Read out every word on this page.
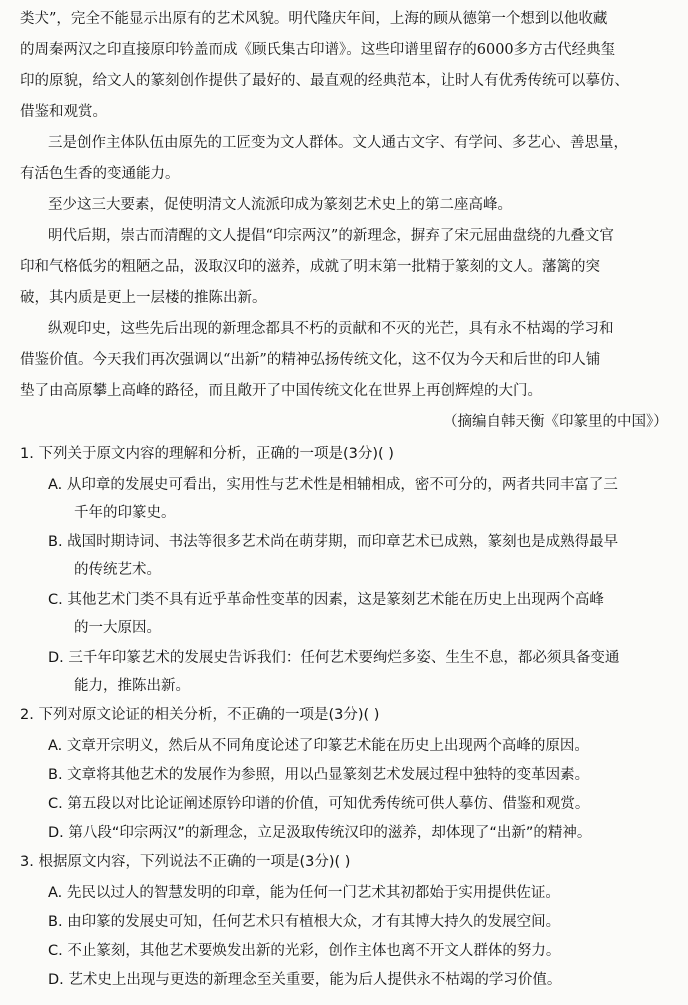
类犬”，完全不能显示出原有的艺术风貌。明代隆庆年间，上海的顾从德第一个想到以他收藏
的周秦两汉之印直接原印钤盖而成《顾氏集古印谱》。这些印谱里留存的6000多方古代经典玺
印的原貌，给文人的篆刻创作提供了最好的、最直观的经典范本，让时人有优秀传统可以摹仿、
借鉴和观赏。
三是创作主体队伍由原先的工匠变为文人群体。文人通古文字、有学问、多艺心、善思量，
有活色生香的变通能力。
至少这三大要素，促使明清文人流派印成为篆刻艺术史上的第二座高峰。
明代后期，崇古而清醒的文人提倡“印宗两汉”的新理念，摒弃了宋元屈曲盘绕的九叠文官
印和气格低劣的粗陋之品，汲取汉印的滋养，成就了明末第一批精于篆刻的文人。藩篱的突
破，其内质是更上一层楼的推陈出新。
纵观印史，这些先后出现的新理念都具不朽的贡献和不灭的光芒，具有永不枯竭的学习和
借鉴价值。今天我们再次强调以“出新”的精神弘扬传统文化，这不仅为今天和后世的印人铺
垫了由高原攀上高峰的路径，而且敞开了中国传统文化在世界上再创辉煌的大门。
（摘编自韩天衡《印篆里的中国》）
1. 下列关于原文内容的理解和分析，正确的一项是(3分)( )
A. 从印章的发展史可看出，实用性与艺术性是相辅相成，密不可分的，两者共同丰富了三
千年的印篆史。
B. 战国时期诗词、书法等很多艺术尚在萌芽期，而印章艺术已成熟，篆刻也是成熟得最早
的传统艺术。
C. 其他艺术门类不具有近乎革命性变革的因素，这是篆刻艺术能在历史上出现两个高峰
的一大原因。
D. 三千年印篆艺术的发展史告诉我们：任何艺术要绚烂多姿、生生不息，都必须具备变通
能力，推陈出新。
2. 下列对原文论证的相关分析，不正确的一项是(3分)( )
A. 文章开宗明义，然后从不同角度论述了印篆艺术能在历史上出现两个高峰的原因。
B. 文章将其他艺术的发展作为参照，用以凸显篆刻艺术发展过程中独特的变革因素。
C. 第五段以对比论证阐述原钤印谱的价值，可知优秀传统可供人摹仿、借鉴和观赏。
D. 第八段“印宗两汉”的新理念，立足汲取传统汉印的滋养，却体现了“出新”的精神。
3. 根据原文内容，下列说法不正确的一项是(3分)( )
A. 先民以过人的智慧发明的印章，能为任何一门艺术其初都始于实用提供佐证。
B. 由印篆的发展史可知，任何艺术只有植根大众，才有其博大持久的发展空间。
C. 不止篆刻，其他艺术要焕发出新的光彩，创作主体也离不开文人群体的努力。
D. 艺术史上出现与更迭的新理念至关重要，能为后人提供永不枯竭的学习价值。
